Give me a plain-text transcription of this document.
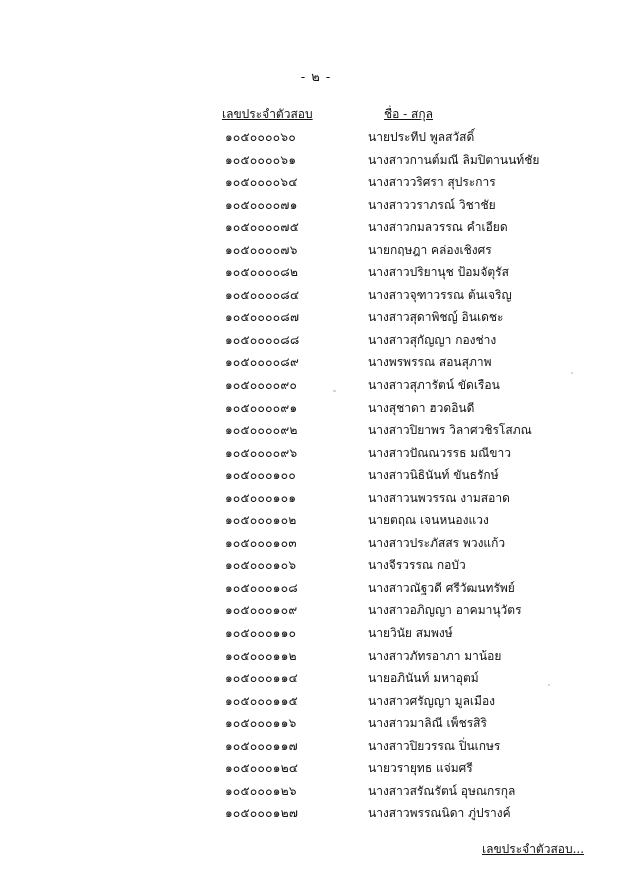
- ๒ -
เลขประจำตัวสอบ	ชื่อ - สกุล
๑๐๕๐๐๐๐๖๐	นายประทีป พูลสวัสดิ์
๑๐๕๐๐๐๐๖๑	นางสาวกานต์มณี ลิมปิตานนท์ชัย
๑๐๕๐๐๐๐๖๔	นางสาววริศรา สุประการ
๑๐๕๐๐๐๐๗๑	นางสาววราภรณ์ วิชาชัย
๑๐๕๐๐๐๐๗๕	นางสาวกมลวรรณ คำเอียด
๑๐๕๐๐๐๐๗๖	นายกฤษฎา คล่องเชิงศร
๑๐๕๐๐๐๐๘๒	นางสาวปริยานุช ป้อมจัตุรัส
๑๐๕๐๐๐๐๘๔	นางสาวจุฑาวรรณ ต้นเจริญ
๑๐๕๐๐๐๐๘๗	นางสาวสุดาพิชญ์ อินเดชะ
๑๐๕๐๐๐๐๘๘	นางสาวสุกัญญา กองช่าง
๑๐๕๐๐๐๐๘๙	นางพรพรรณ สอนสุภาพ
๑๐๕๐๐๐๐๙๐	นางสาวสุภารัตน์ ขัดเรือน
๑๐๕๐๐๐๐๙๑	นางสุชาดา ฮวดอินดี
๑๐๕๐๐๐๐๙๒	นางสาวปิยาพร วิลาศวชิรโสภณ
๑๐๕๐๐๐๐๙๖	นางสาวปัณณวรรธ มณีขาว
๑๐๕๐๐๐๑๐๐	นางสาวนิธินันท์ ขันธรักษ์
๑๐๕๐๐๐๑๐๑	นางสาวนพวรรณ งามสอาด
๑๐๕๐๐๐๑๐๒	นายตฤณ เจนหนองแวง
๑๐๕๐๐๐๑๐๓	นางสาวประภัสสร พวงแก้ว
๑๐๕๐๐๐๑๐๖	นางจีรวรรณ กอบัว
๑๐๕๐๐๐๑๐๘	นางสาวณัฐวดี ศรีวัฒนทรัพย์
๑๐๕๐๐๐๑๐๙	นางสาวอภิญญา อาคมานุวัตร
๑๐๕๐๐๐๑๑๐	นายวินัย สมพงษ์
๑๐๕๐๐๐๑๑๒	นางสาวภัทรอาภา มาน้อย
๑๐๕๐๐๐๑๑๔	นายอภินันท์ มหาอุตม์
๑๐๕๐๐๐๑๑๕	นางสาวศรัญญา มูลเมือง
๑๐๕๐๐๐๑๑๖	นางสาวมาลิณี เพ็ชรสิริ
๑๐๕๐๐๐๑๑๗	นางสาวปิยวรรณ ปิ่นเกษร
๑๐๕๐๐๐๑๒๔	นายวรายุทธ แจ่มศรี
๑๐๕๐๐๐๑๒๖	นางสาวสรัณรัตน์ อุษณกรกุล
๑๐๕๐๐๐๑๒๗	นางสาวพรรณนิดา ภู่ปรางค์
เลขประจำตัวสอบ...
